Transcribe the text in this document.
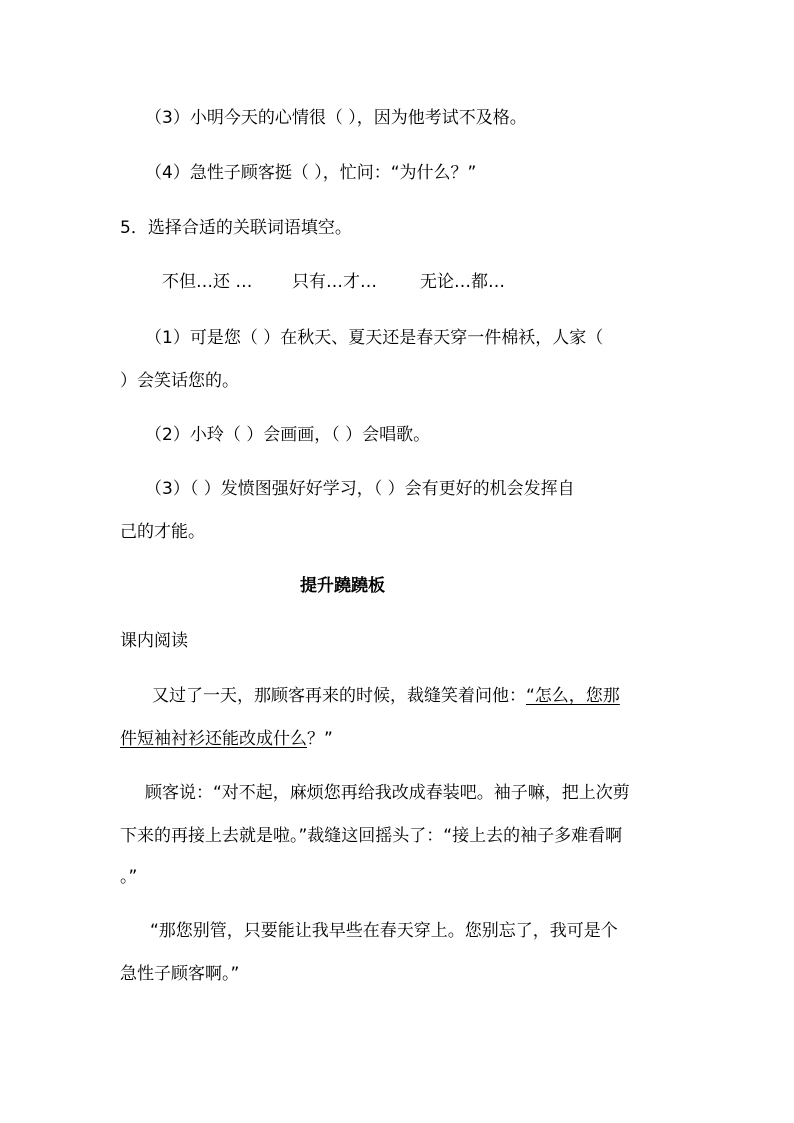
（3）小明今天的心情很（ ），因为他考试不及格。
（4）急性子顾客挺（ ），忙问：“为什么？”
5．选择合适的关联词语填空。
不但…还 … 只有…才…	无论…都…
（1）可是您（ ）在秋天、夏天还是春天穿一件棉袄，人家（
）会笑话您的。
（2）小玲（ ）会画画，（ ）会唱歌。
（3）（ ）发愤图强好好学习，（ ）会有更好的机会发挥自
己的才能。
提升蹺蹺板
课内阅读
又过了一天，那顾客再来的时候，裁缝笑着问他：“怎么，您那
件短袖衬衫还能改成什么？”
顾客说：“对不起，麻烦您再给我改成春装吧。袖子嘛，把上次剪
下来的再接上去就是啦。”裁缝这回摇头了：“接上去的袖子多难看啊
。”
“那您别管，只要能让我早些在春天穿上。您别忘了，我可是个
急性子顾客啊。”
